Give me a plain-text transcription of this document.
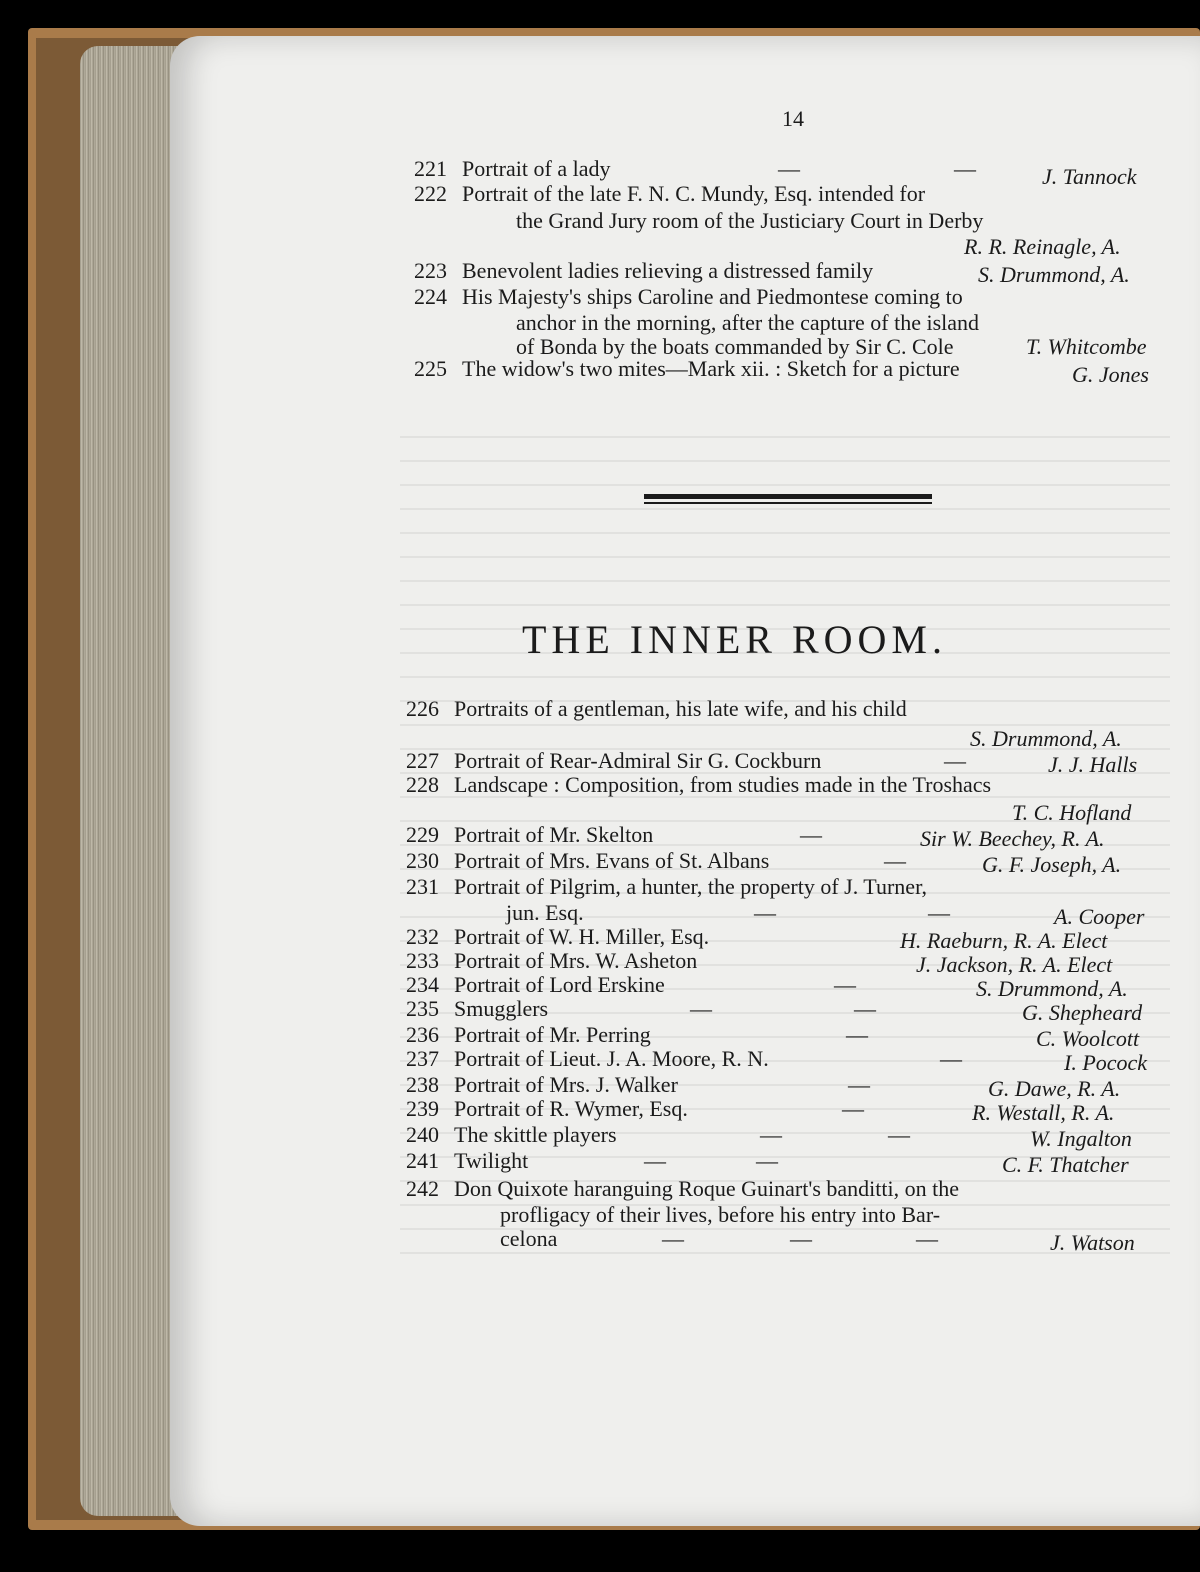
14
221 Portrait of a lady	—	—	J. Tannock
222 Portrait of the late F. N. C. Mundy, Esq. intended for
the Grand Jury room of the Justiciary Court in Derby
R. R. Reinagle, A.
223 Benevolent ladies relieving a distressed family	S. Drummond, A.
224 His Majesty's ships Caroline and Piedmontese coming to
anchor in the morning, after the capture of the island
of Bonda by the boats commanded by Sir C. Cole	T. Whitcombe
225 The widow's two mites—Mark xii. : Sketch for a picture	G. Jones
THE INNER ROOM.
226 Portraits of a gentleman, his late wife, and his child
S. Drummond, A.
227 Portrait of Rear-Admiral Sir G. Cockburn	—	J. J. Halls
228 Landscape : Composition, from studies made in the Troshacs
T. C. Hofland
229 Portrait of Mr. Skelton	—	Sir W. Beechey, R. A.
230 Portrait of Mrs. Evans of St. Albans	—	G. F. Joseph, A.
231 Portrait of Pilgrim, a hunter, the property of J. Turner,
jun. Esq.	—	—	A. Cooper
232 Portrait of W. H. Miller, Esq.	H. Raeburn, R. A. Elect
233 Portrait of Mrs. W. Asheton	J. Jackson, R. A. Elect
234 Portrait of Lord Erskine	—	S. Drummond, A.
235 Smugglers	—	—	G. Shepheard
236 Portrait of Mr. Perring	—	C. Woolcott
237 Portrait of Lieut. J. A. Moore, R. N.	—	I. Pocock
238 Portrait of Mrs. J. Walker	—	G. Dawe, R. A.
239 Portrait of R. Wymer, Esq.	—	R. Westall, R. A.
240 The skittle players	—	—	W. Ingalton
241 Twilight	—	—	C. F. Thatcher
242 Don Quixote haranguing Roque Guinart's banditti, on the
profligacy of their lives, before his entry into Bar-
celona	—	—	—	J. Watson
